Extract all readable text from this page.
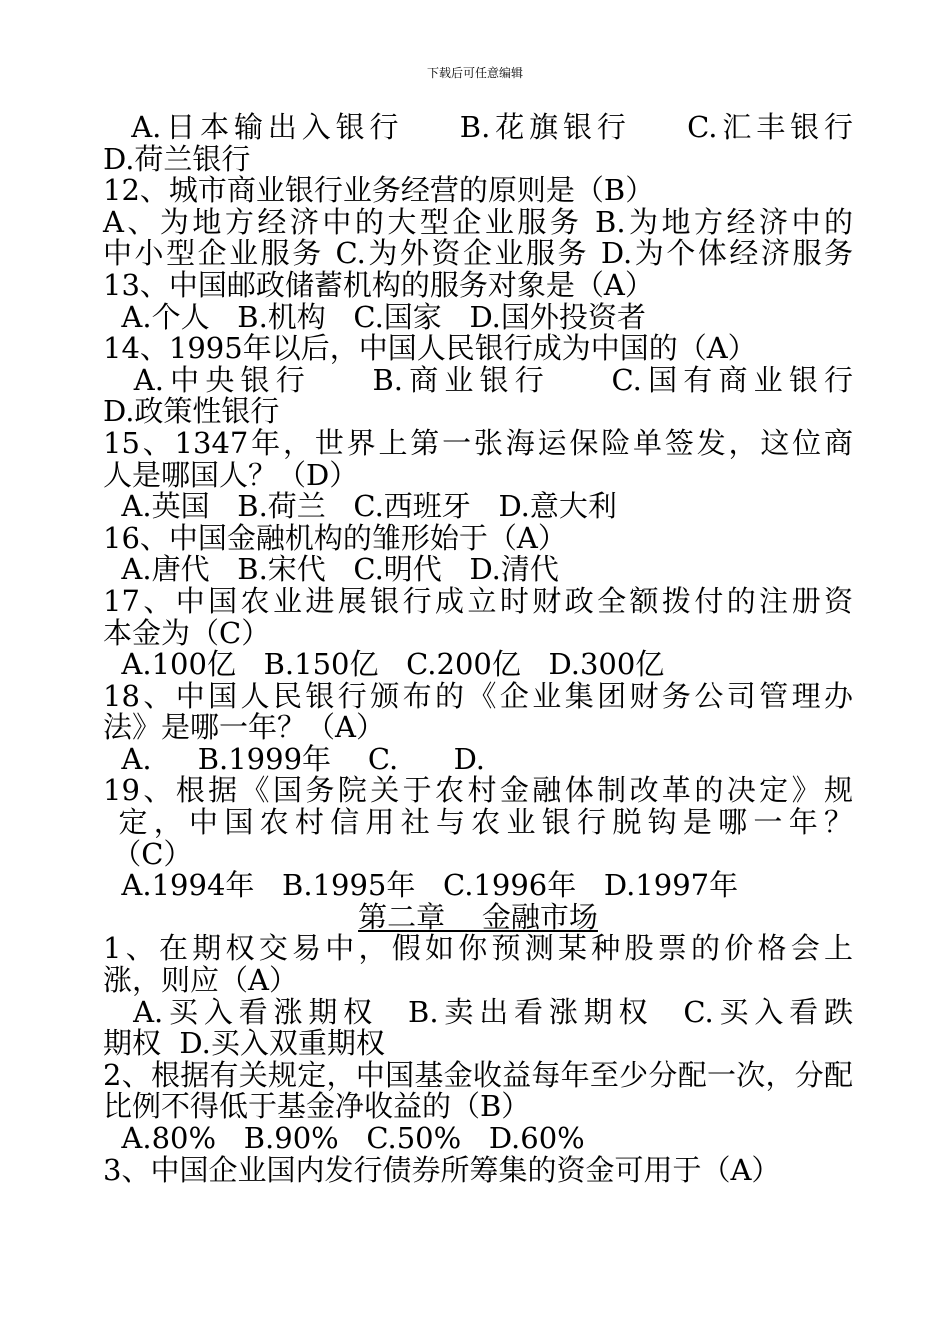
下载后可任意编辑
A.日本输出入银行    B.花旗银行    C.汇丰银行
D.荷兰银行
12、城市商业银行业务经营的原则是（B）
A、为地方经济中的大型企业服务 B.为地方经济中的
中小型企业服务 C.为外资企业服务 D.为个体经济服务
13、中国邮政储蓄机构的服务对象是（A）
A.个人   B.机构   C.国家   D.国外投资者
14、1995年以后，中国人民银行成为中国的（A）
A.中央银行    B.商业银行    C.国有商业银行
D.政策性银行
15、1347年，世界上第一张海运保险单签发，这位商
人是哪国人？（D）
A.英国   B.荷兰   C.西班牙   D.意大利
16、中国金融机构的雏形始于（A）
A.唐代   B.宋代   C.明代   D.清代
17、中国农业进展银行成立时财政全额拨付的注册资
本金为（C）
A.100亿   B.150亿   C.200亿   D.300亿
18、中国人民银行颁布的《企业集团财务公司管理办
法》是哪一年？（A）
A.     B.1999年    C.      D.
19、根据《国务院关于农村金融体制改革的决定》规
定，中国农村信用社与农业银行脱钩是哪一年？
（C）
A.1994年   B.1995年   C.1996年   D.1997年
第二章    金融市场
1、在期权交易中，假如你预测某种股票的价格会上
涨，则应（A）
A.买入看涨期权  B.卖出看涨期权  C.买入看跌
期权  D.买入双重期权
2、根据有关规定，中国基金收益每年至少分配一次，分配
比例不得低于基金净收益的（B）
A.80%   B.90%   C.50%   D.60%
3、中国企业国内发行债券所筹集的资金可用于（A）
